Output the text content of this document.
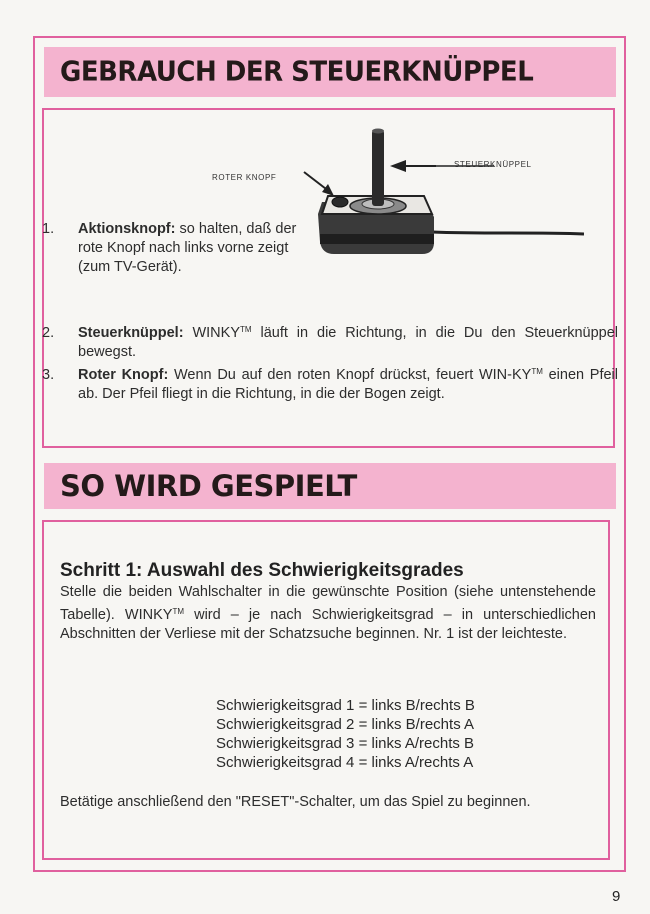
GEBRAUCH DER STEUERKNÜPPEL
STEUERKNÜPPEL
ROTER KNOPF
1. Aktionsknopf: so halten, daß der rote Knopf nach links vorne zeigt (zum TV-Gerät).
2. Steuerknüppel: WINKY™ läuft in die Richtung, in die Du den Steuerknüppel bewegst.
3. Roter Knopf: Wenn Du auf den roten Knopf drückst, feuert WIN-KY™ einen Pfeil ab. Der Pfeil fliegt in die Richtung, in die der Bogen zeigt.
SO WIRD GESPIELT
Schritt 1: Auswahl des Schwierigkeitsgrades
Stelle die beiden Wahlschalter in die gewünschte Position (siehe untenstehende Tabelle). WINKY™ wird – je nach Schwierigkeitsgrad – in unterschiedlichen Abschnitten der Verliese mit der Schatzsuche beginnen. Nr. 1 ist der leichteste.
Schwierigkeitsgrad 1 = links B/rechts B
Schwierigkeitsgrad 2 = links B/rechts A
Schwierigkeitsgrad 3 = links A/rechts B
Schwierigkeitsgrad 4 = links A/rechts A
Betätige anschließend den "RESET"-Schalter, um das Spiel zu beginnen.
9
